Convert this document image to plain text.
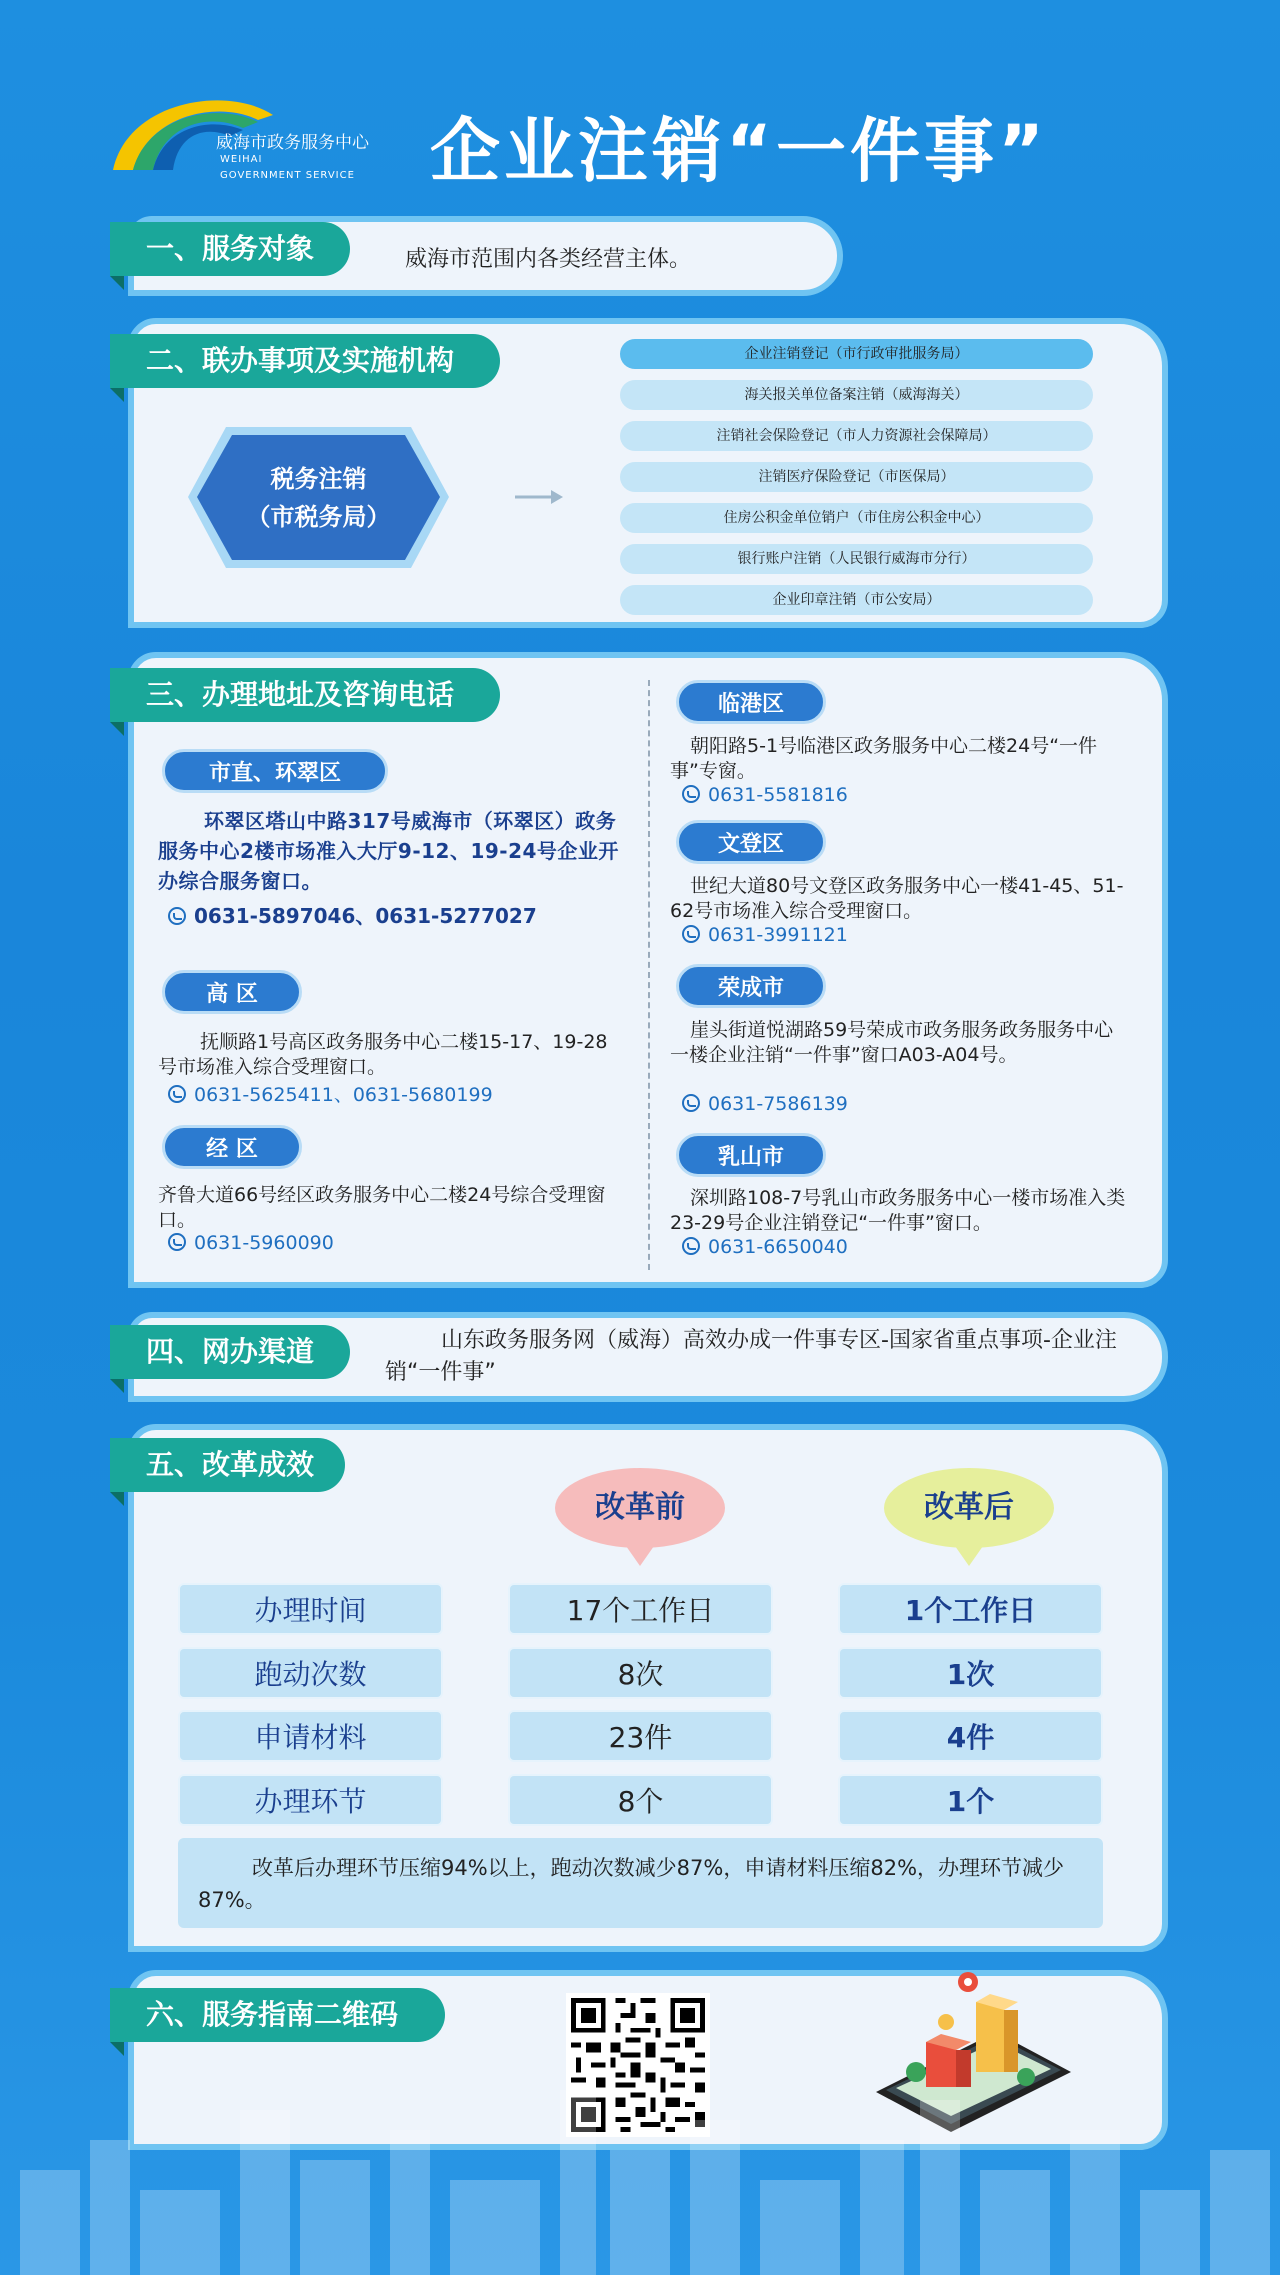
威海市政务服务中心
WEIHAI
GOVERNMENT SERVICE 企业注销“一件事”
一、服务对象	威海市范围内各类经营主体。
二、联办事项及实施机构
税务注销
（市税务局）
企业注销登记（市行政审批服务局）
海关报关单位备案注销（威海海关）
注销社会保险登记（市人力资源社会保障局）
注销医疗保险登记（市医保局）
住房公积金单位销户（市住房公积金中心）
银行账户注销（人民银行威海市分行）
企业印章注销（市公安局）
三、办理地址及咨询电话
市直、环翠区
环翠区塔山中路317号威海市（环翠区）政务服务中心2楼市场准入大厅9-12、19-24号企业开办综合服务窗口。
0631-5897046、0631-5277027
高 区
抚顺路1号高区政务服务中心二楼15-17、19-28号市场准入综合受理窗口。
0631-5625411、0631-5680199
经 区
齐鲁大道66号经区政务服务中心二楼24号综合受理窗口。
0631-5960090
临港区
朝阳路5-1号临港区政务服务中心二楼24号“一件事”专窗。
0631-5581816
文登区
世纪大道80号文登区政务服务中心一楼41-45、51-62号市场准入综合受理窗口。
0631-3991121
荣成市
崖头街道悦湖路59号荣成市政务服务政务服务中心一楼企业注销“一件事”窗口A03-A04号。
0631-7586139
乳山市
深圳路108-7号乳山市政务服务中心一楼市场准入类23-29号企业注销登记“一件事”窗口。
0631-6650040
四、网办渠道	山东政务服务网（威海）高效办成一件事专区-国家省重点事项-企业注销“一件事”
五、改革成效
改革前	改革后
办理时间	17个工作日	1个工作日
跑动次数	8次	1次
申请材料	23件	4件
办理环节	8个	1个
改革后办理环节压缩94%以上，跑动次数减少87%，申请材料压缩82%，办理环节减少87%。
六、服务指南二维码
